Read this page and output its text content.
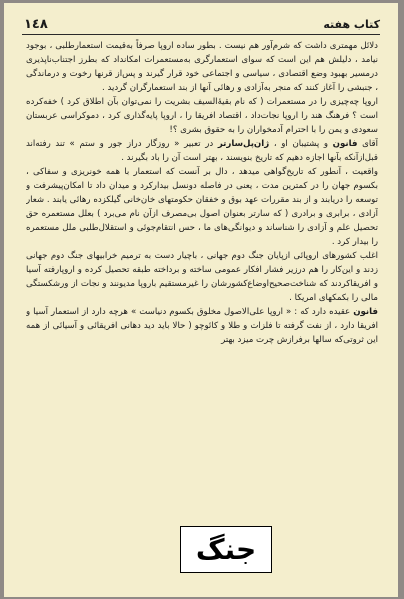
١٤٨	کتاب هفته

دلائل مهمتری داشت که شرم‌آور هم نیست . بطور ساده اروپا صرفاً به‌قیمت استعمارطلبی ، بوجود نیامد ، دلیلش هم این است که سوای استعمارگری به‌مستعمرات امکانداد که بطرز اجتناب‌ناپذیری درمسیر بهبود وضع اقتصادی ، سیاسی و اجتماعی خود قرار گیرند و پس‌از قرنها رخوت و درماندگی ، جنبشی را آغاز کنند که منجر به‌آزادی و رهائی آنها از بند استعمارگران گردید .

اروپا چه‌چیزی را در مستعمرات ( که نام بقیهٔ‌السیف بشریت را نمی‌توان بآن اطلاق کرد ) خفه‌کرده است ؟ فرهنگ هند را اروپا نجات‌داد ، اقتصاد افریقا را ، اروپا پایه‌گذاری کرد ، دموکراسی عربستان سعودی و یمن را با احترام آدمخواران را به حقوق بشری ؟!

آقای فانون و پشتیبان او ، ژان‌پل‌سارتر در تعبیر « روزگار دراز جور و ستم » تند رفته‌اند قبل‌ازآنکه بآنها اجازه دهیم که تاریخ بنویسند ، بهتر است آن را باد بگیرند .

واقعیت ، آنطور که تاریخ‌گواهی میدهد ، دال بر آنست که استعمار با همه خونریزی و سفاکی ، بکسوم جهان را در کمترین مدت ، یعنی در فاصله دونسل بیدارکرد و میدان داد تا امکان‌پیشرفت و توسعه را دریابند و از بند مقررات عهد بوق و خفقان حکومتهای خان‌خانی گیلکزده رهائی یابند . شعار آزادی ، برابری و برادری ( که سارتر بعنوان اصول بی‌مصرف ازآن نام می‌برد ) بعلل مستعمره حق تحصیل علم و آزادی را شناساند و دیوانگی‌های ما ، حس انتقام‌جوئی و استقلال‌طلبی ملل مستعمره را بیدار کرد .

اغلب کشورهای اروپائی ازپایان جنگ دوم جهانی ، باچیار دست به ترمیم خرابیهای جنگ دوم جهانی زدند و این‌کار را هم درزیر فشار افکار عمومی ساخته و برداخته طبقه تحصیل کرده و اروپارفته آسیا و افریقاکردند که شناخت‌صحیح‌اوضاع‌کشورشان را غیرمستقیم باروپا مدیونند و نجات از ورشکستگی مالی را بکمکهای امریکا .

فانون عقیده دارد که : « اروپا علی‌الاصول مخلوق بکسوم دنیاست » هرچه دارد از استعمار آسیا و افریقا دارد ، از نفت گرفته تا فلزات و طلا و کائوچو ( حالا باید دید دهانی افریقائی و آسیائی از همه این ثروتی‌که سالها برفرازش چرت میزد بهتر

جنگ
